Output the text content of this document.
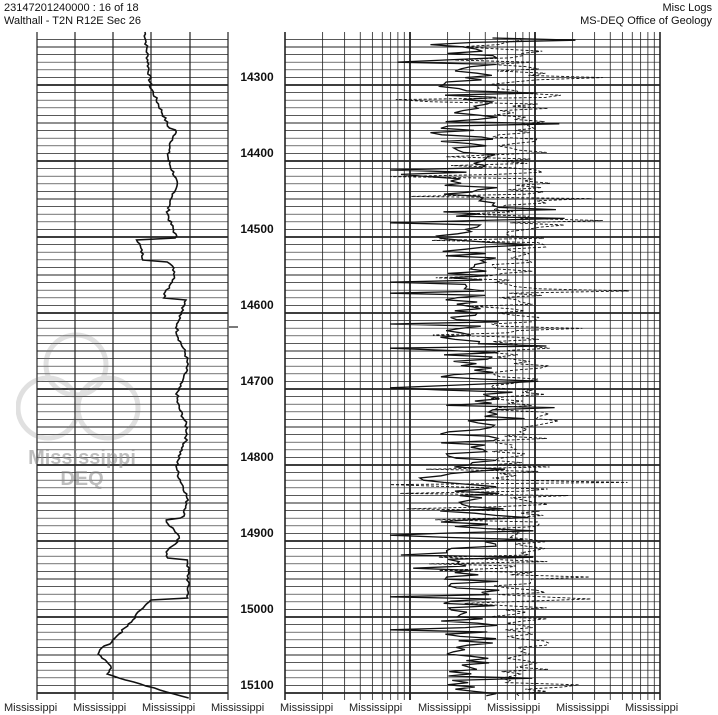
23147201240000 : 16 of 18
Walthall - T2N R12E Sec 26
Misc Logs
MS-DEQ Office of Geology
14300
14400
14500
14600
14700
14800
14900
15000
15100
Mississippi
DEQ
Mississippi Mississippi Mississippi Mississippi Mississippi Mississippi Mississippi Mississippi Mississippi Mississippi
